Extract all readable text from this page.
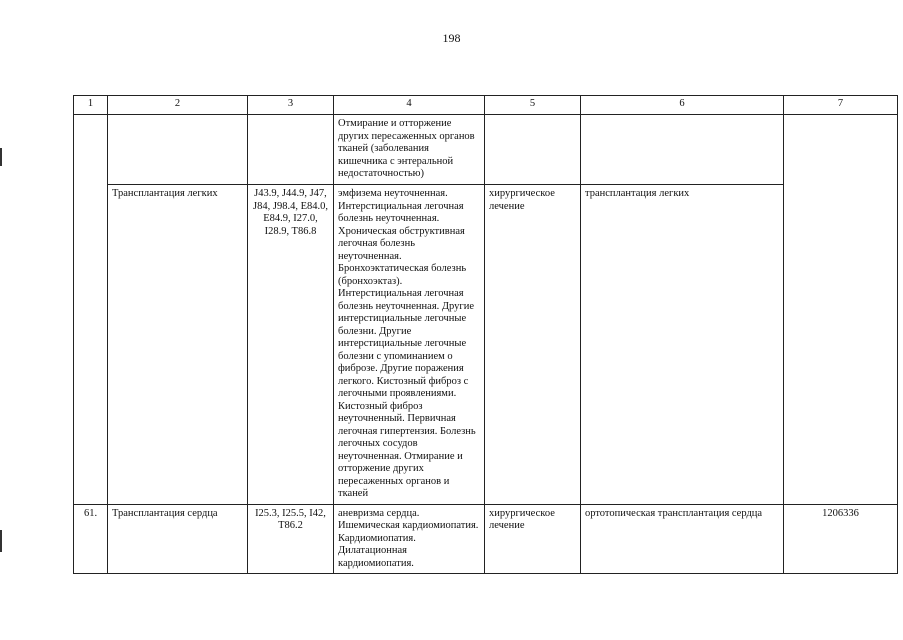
198
1	2	3	4	5	6	7
			Отмирание и отторжение других пересаженных органов тканей (заболевания кишечника с энтеральной недостаточностью)			
	Трансплантация легких	J43.9, J44.9, J47, J84, J98.4, E84.0, E84.9, I27.0, I28.9, T86.8	эмфизема неуточненная. Интерстициальная легочная болезнь неуточненная. Хроническая обструктивная легочная болезнь неуточненная. Бронхоэктатическая болезнь (бронхоэктаз). Интерстициальная легочная болезнь неуточненная. Другие интерстициальные легочные болезни. Другие интерстициальные легочные болезни с упоминанием о фиброзе. Другие поражения легкого. Кистозный фиброз с легочными проявлениями. Кистозный фиброз неуточненный. Первичная легочная гипертензия. Болезнь легочных сосудов неуточненная. Отмирание и отторжение других пересаженных органов и тканей	хирургическое лечение	трансплантация легких	
61.	Трансплантация сердца	I25.3, I25.5, I42, T86.2	аневризма сердца. Ишемическая кардиомиопатия. Кардиомиопатия. Дилатационная кардиомиопатия.	хирургическое лечение	ортотопическая трансплантация сердца	1206336
